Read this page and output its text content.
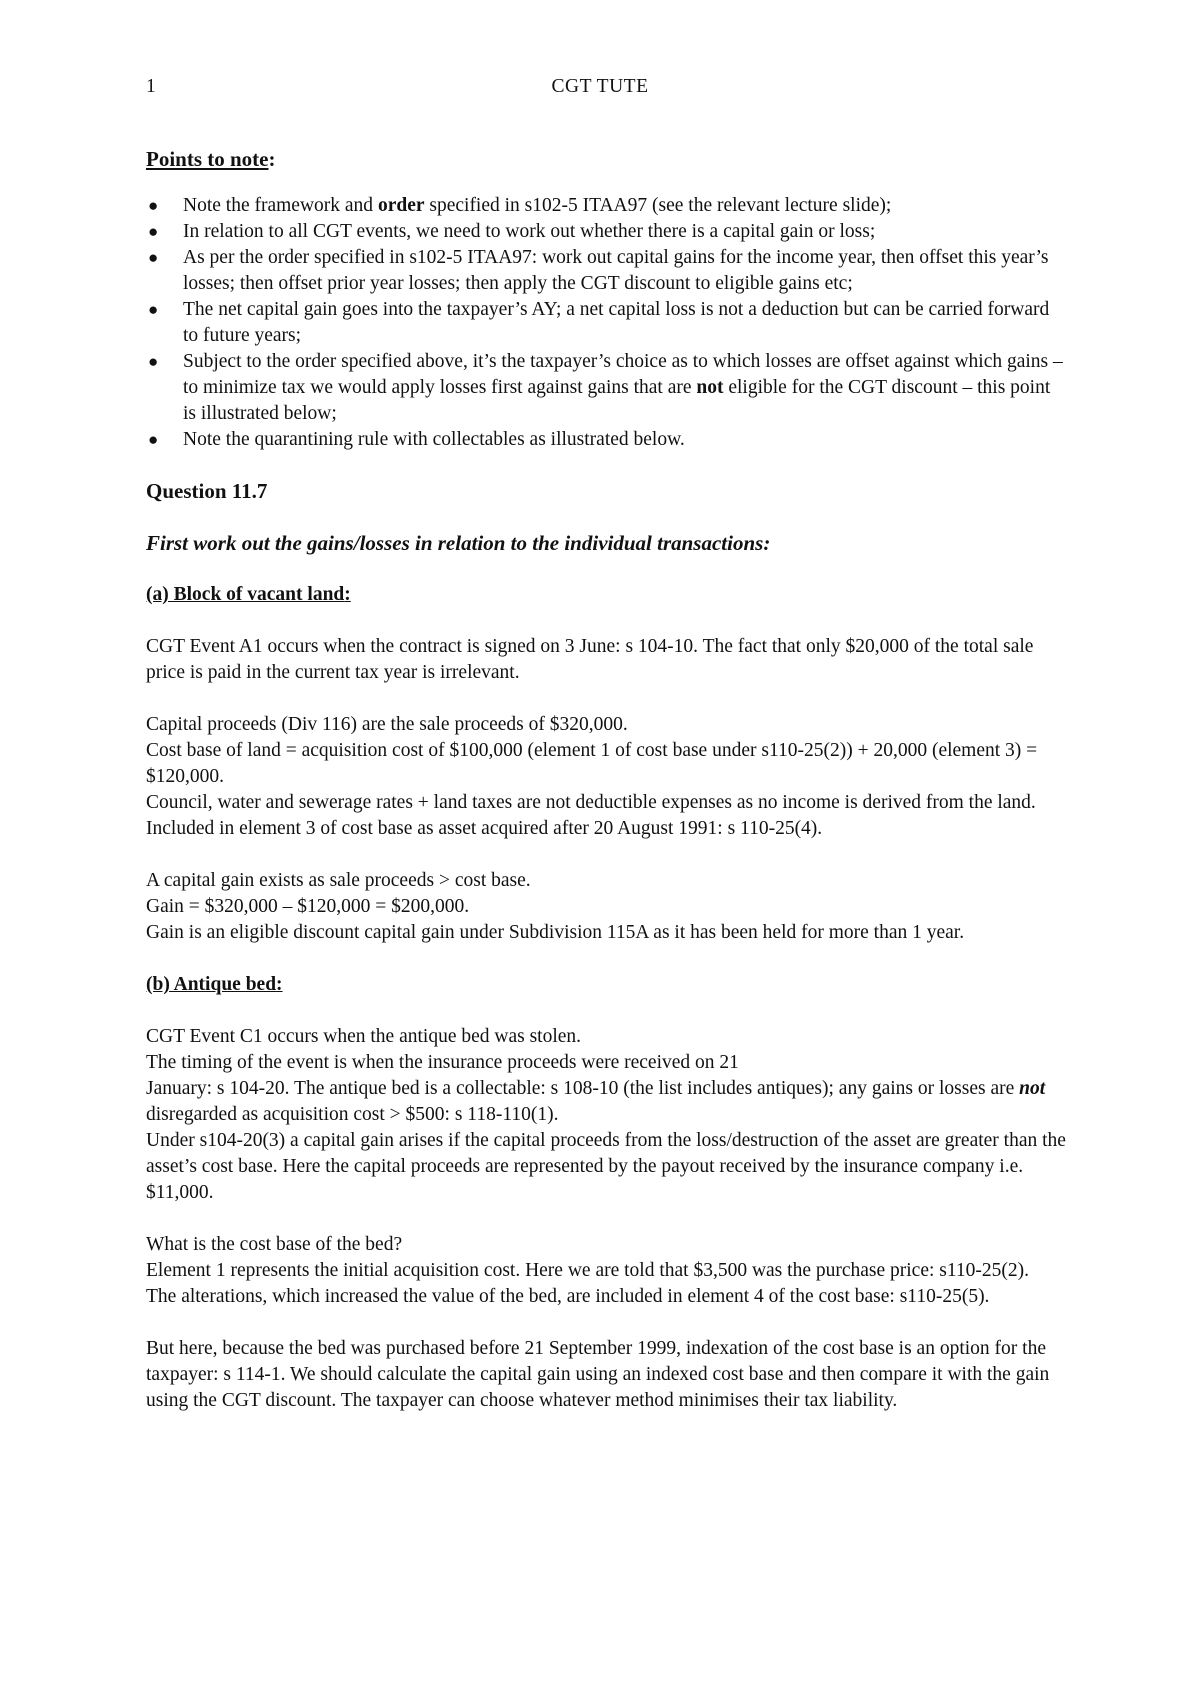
1	CGT TUTE
Points to note:
● Note the framework and order specified in s102-5 ITAA97 (see the relevant lecture slide);
● In relation to all CGT events, we need to work out whether there is a capital gain or loss;
● As per the order specified in s102-5 ITAA97: work out capital gains for the income year, then offset this year’s losses; then offset prior year losses; then apply the CGT discount to eligible gains etc;
● The net capital gain goes into the taxpayer’s AY; a net capital loss is not a deduction but can be carried forward to future years;
● Subject to the order specified above, it’s the taxpayer’s choice as to which losses are offset against which gains – to minimize tax we would apply losses first against gains that are not eligible for the CGT discount – this point is illustrated below;
● Note the quarantining rule with collectables as illustrated below.
Question 11.7
First work out the gains/losses in relation to the individual transactions:
(a) Block of vacant land:

CGT Event A1 occurs when the contract is signed on 3 June: s 104-10. The fact that only $20,000 of the total sale price is paid in the current tax year is irrelevant.

Capital proceeds (Div 116) are the sale proceeds of $320,000.
Cost base of land = acquisition cost of $100,000 (element 1 of cost base under s110-25(2)) + 20,000 (element 3) = $120,000.
Council, water and sewerage rates + land taxes are not deductible expenses as no income is derived from the land. Included in element 3 of cost base as asset acquired after 20 August 1991: s 110-25(4).

A capital gain exists as sale proceeds > cost base.
Gain = $320,000 – $120,000 = $200,000.
Gain is an eligible discount capital gain under Subdivision 115A as it has been held for more than 1 year.

(b) Antique bed:

CGT Event C1 occurs when the antique bed was stolen.
The timing of the event is when the insurance proceeds were received on 21
January: s 104-20. The antique bed is a collectable: s 108-10 (the list includes antiques); any gains or losses are not disregarded as acquisition cost > $500: s 118-110(1).
Under s104-20(3) a capital gain arises if the capital proceeds from the loss/destruction of the asset are greater than the asset’s cost base. Here the capital proceeds are represented by the payout received by the insurance company i.e. $11,000.

What is the cost base of the bed?
Element 1 represents the initial acquisition cost. Here we are told that $3,500 was the purchase price: s110-25(2).
The alterations, which increased the value of the bed, are included in element 4 of the cost base: s110-25(5).

But here, because the bed was purchased before 21 September 1999, indexation of the cost base is an option for the taxpayer: s 114-1. We should calculate the capital gain using an indexed cost base and then compare it with the gain using the CGT discount. The taxpayer can choose whatever method minimises their tax liability.
